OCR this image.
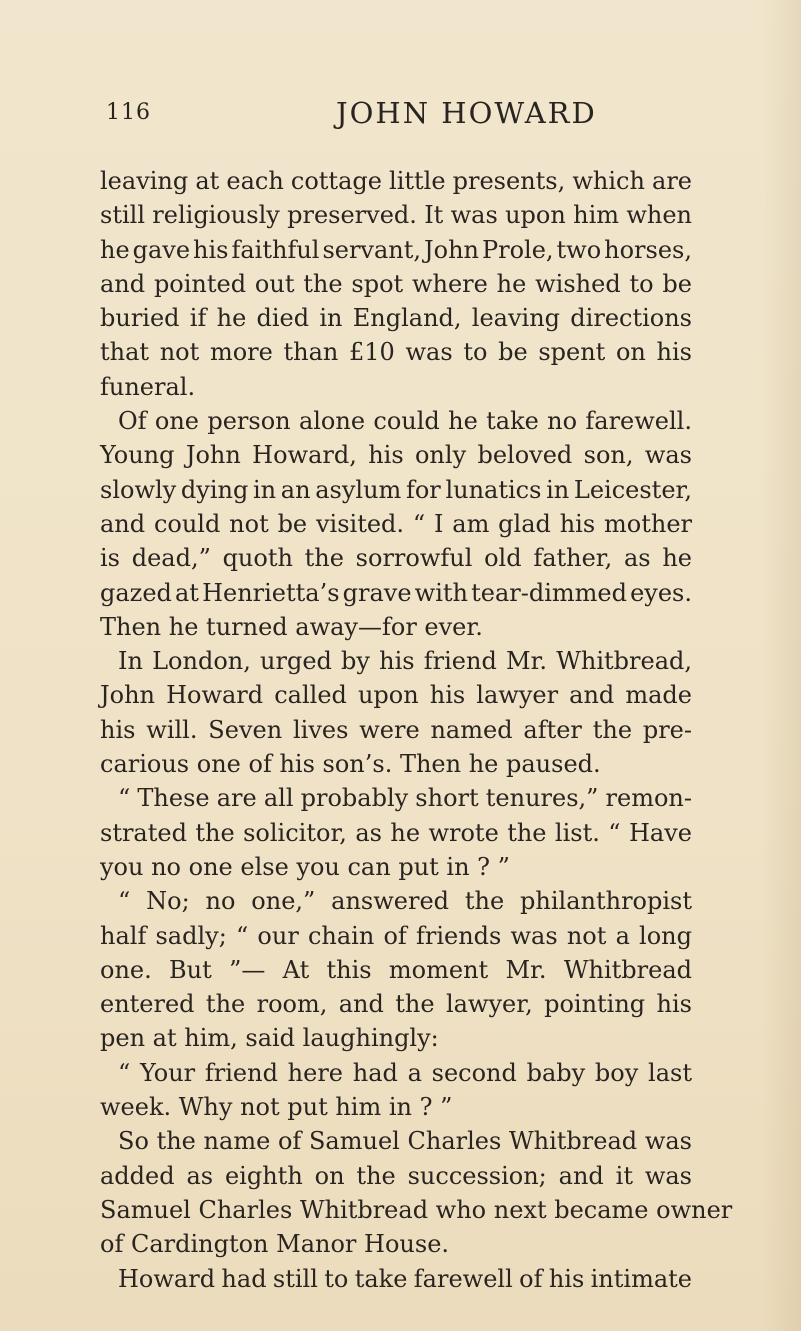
116	JOHN HOWARD
leaving at each cottage little presents, which are
still religiously preserved. It was upon him when
he gave his faithful servant, John Prole, two horses,
and pointed out the spot where he wished to be
buried if he died in England, leaving directions
that not more than £10 was to be spent on his
funeral.
Of one person alone could he take no farewell.
Young John Howard, his only beloved son, was
slowly dying in an asylum for lunatics in Leicester,
and could not be visited. “ I am glad his mother
is dead,” quoth the sorrowful old father, as he
gazed at Henrietta’s grave with tear-dimmed eyes.
Then he turned away—for ever.
In London, urged by his friend Mr. Whitbread,
John Howard called upon his lawyer and made
his will. Seven lives were named after the pre-
carious one of his son’s. Then he paused.
“ These are all probably short tenures,” remon-
strated the solicitor, as he wrote the list. “ Have
you no one else you can put in ? ”
“ No; no one,” answered the philanthropist
half sadly; “ our chain of friends was not a long
one. But ”— At this moment Mr. Whitbread
entered the room, and the lawyer, pointing his
pen at him, said laughingly:
“ Your friend here had a second baby boy last
week. Why not put him in ? ”
So the name of Samuel Charles Whitbread was
added as eighth on the succession; and it was
Samuel Charles Whitbread who next became owner
of Cardington Manor House.
Howard had still to take farewell of his intimate
